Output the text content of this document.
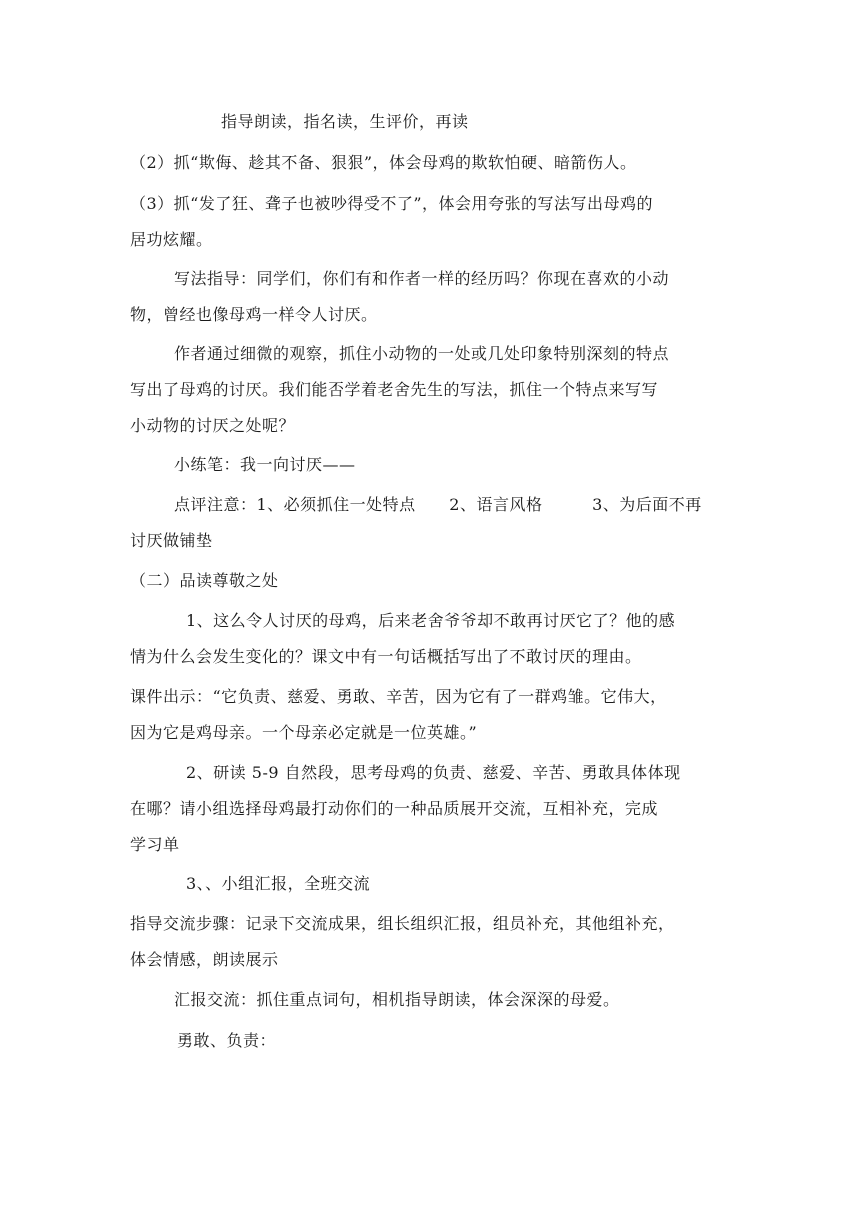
指导朗读，指名读，生评价，再读
（2）抓“欺侮、趁其不备、狠狠”，体会母鸡的欺软怕硬、暗箭伤人。
（3）抓“发了狂、聋子也被吵得受不了”，体会用夸张的写法写出母鸡的
居功炫耀。
写法指导：同学们，你们有和作者一样的经历吗？你现在喜欢的小动
物，曾经也像母鸡一样令人讨厌。
作者通过细微的观察，抓住小动物的一处或几处印象特别深刻的特点
写出了母鸡的讨厌。我们能否学着老舍先生的写法，抓住一个特点来写写
小动物的讨厌之处呢？
小练笔：我一向讨厌——
点评注意：1、必须抓住一处特点 2、语言风格	3、为后面不再
讨厌做铺垫
（二）品读尊敬之处
1、这么令人讨厌的母鸡，后来老舍爷爷却不敢再讨厌它了？他的感
情为什么会发生变化的？课文中有一句话概括写出了不敢讨厌的理由。
课件出示：“它负责、慈爱、勇敢、辛苦，因为它有了一群鸡雏。它伟大，
因为它是鸡母亲。一个母亲必定就是一位英雄。”
2、研读 5-9 自然段，思考母鸡的负责、慈爱、辛苦、勇敢具体体现
在哪？请小组选择母鸡最打动你们的一种品质展开交流，互相补充，完成
学习单
3、、小组汇报，全班交流
指导交流步骤：记录下交流成果，组长组织汇报，组员补充，其他组补充，
体会情感，朗读展示
汇报交流：抓住重点词句，相机指导朗读，体会深深的母爱。
勇敢、负责：
